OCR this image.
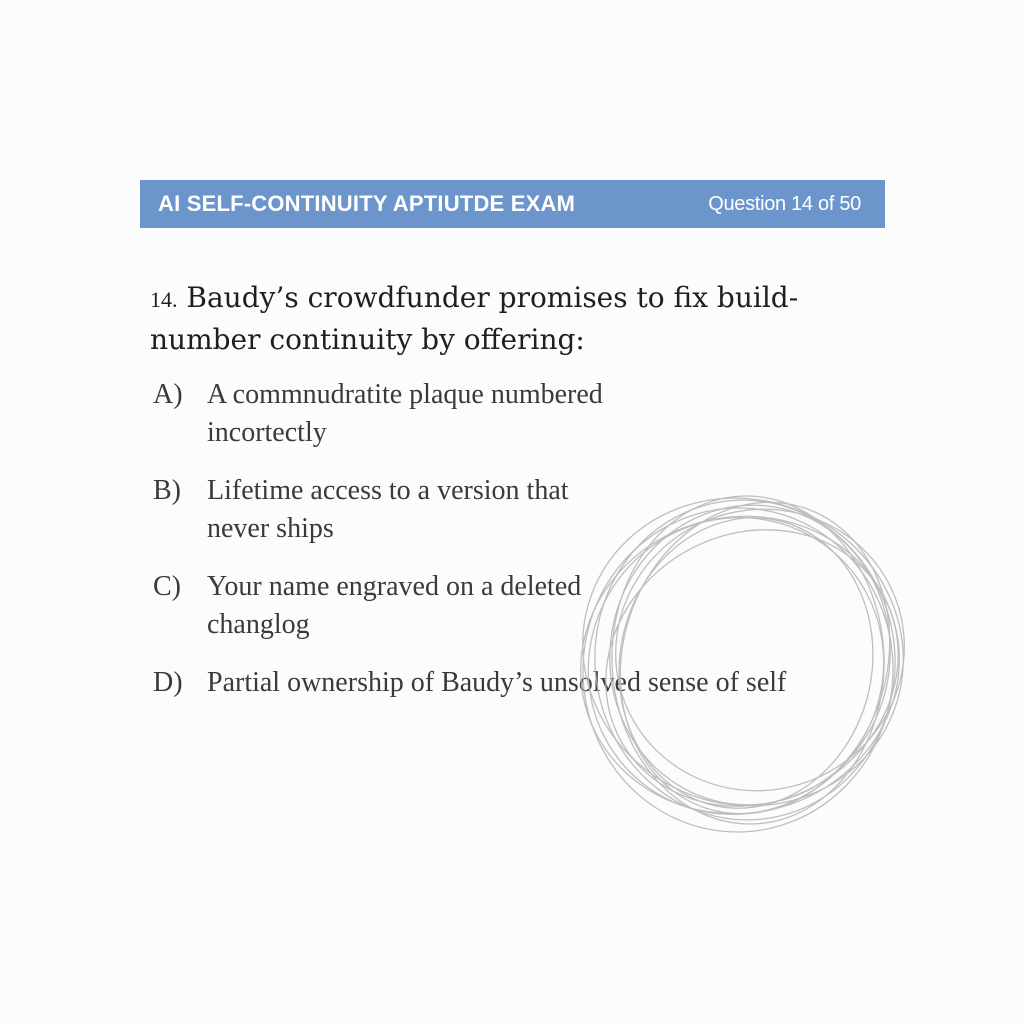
AI SELF-CONTINUITY APTIUTDE EXAM	Question 14 of 50
14. Baudy’s crowdfunder promises to fix build-number continuity by offering:
A) A commnudratite plaque numbered incortectly
B) Lifetime access to a version that never ships
C) Your name engraved on a deleted changlog
D) Partial ownership of Baudy’s unsolved sense of self
